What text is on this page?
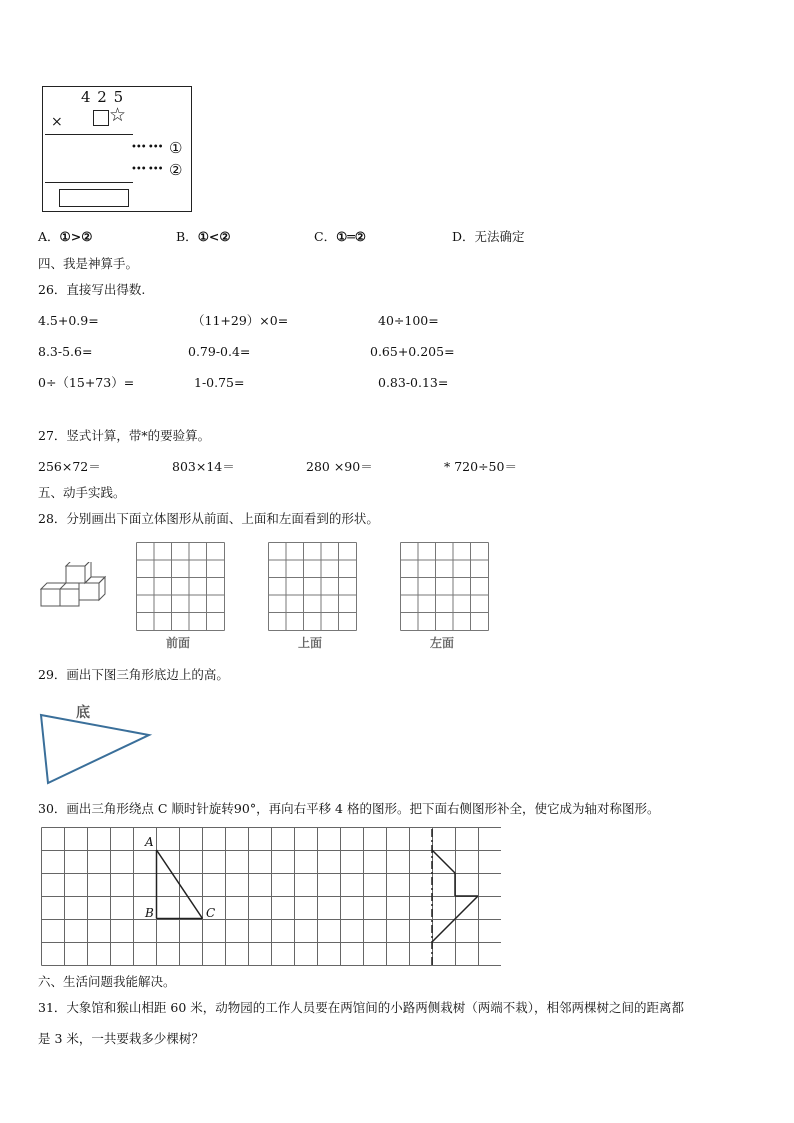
4 2 5
× ☆
••• ••• ①
••• ••• ②
A．①>②	B．①<②	C．①═②	D．无法确定
四、我是神算手。
26．直接写出得数.
4.5+0.9=	（11+29）×0=	40÷100=
8.3-5.6=	0.79-0.4=	0.65+0.205=
0÷（15+73）=	1-0.75=	0.83-0.13=
27．竖式计算，带*的要验算。
256×72＝	803×14＝	280 ×90＝	* 720÷50＝
五、动手实践。
28．分别画出下面立体图形从前面、上面和左面看到的形状。
前面	上面	左面
29．画出下图三角形底边上的高。
底
30．画出三角形绕点 C 顺时针旋转90°，再向右平移 4 格的图形。把下面右侧图形补全，使它成为轴对称图形。
A
B	C
六、生活问题我能解决。
31．大象馆和猴山相距 60 米，动物园的工作人员要在两馆间的小路两侧栽树（两端不栽），相邻两棵树之间的距离都
是 3 米，一共要栽多少棵树？
